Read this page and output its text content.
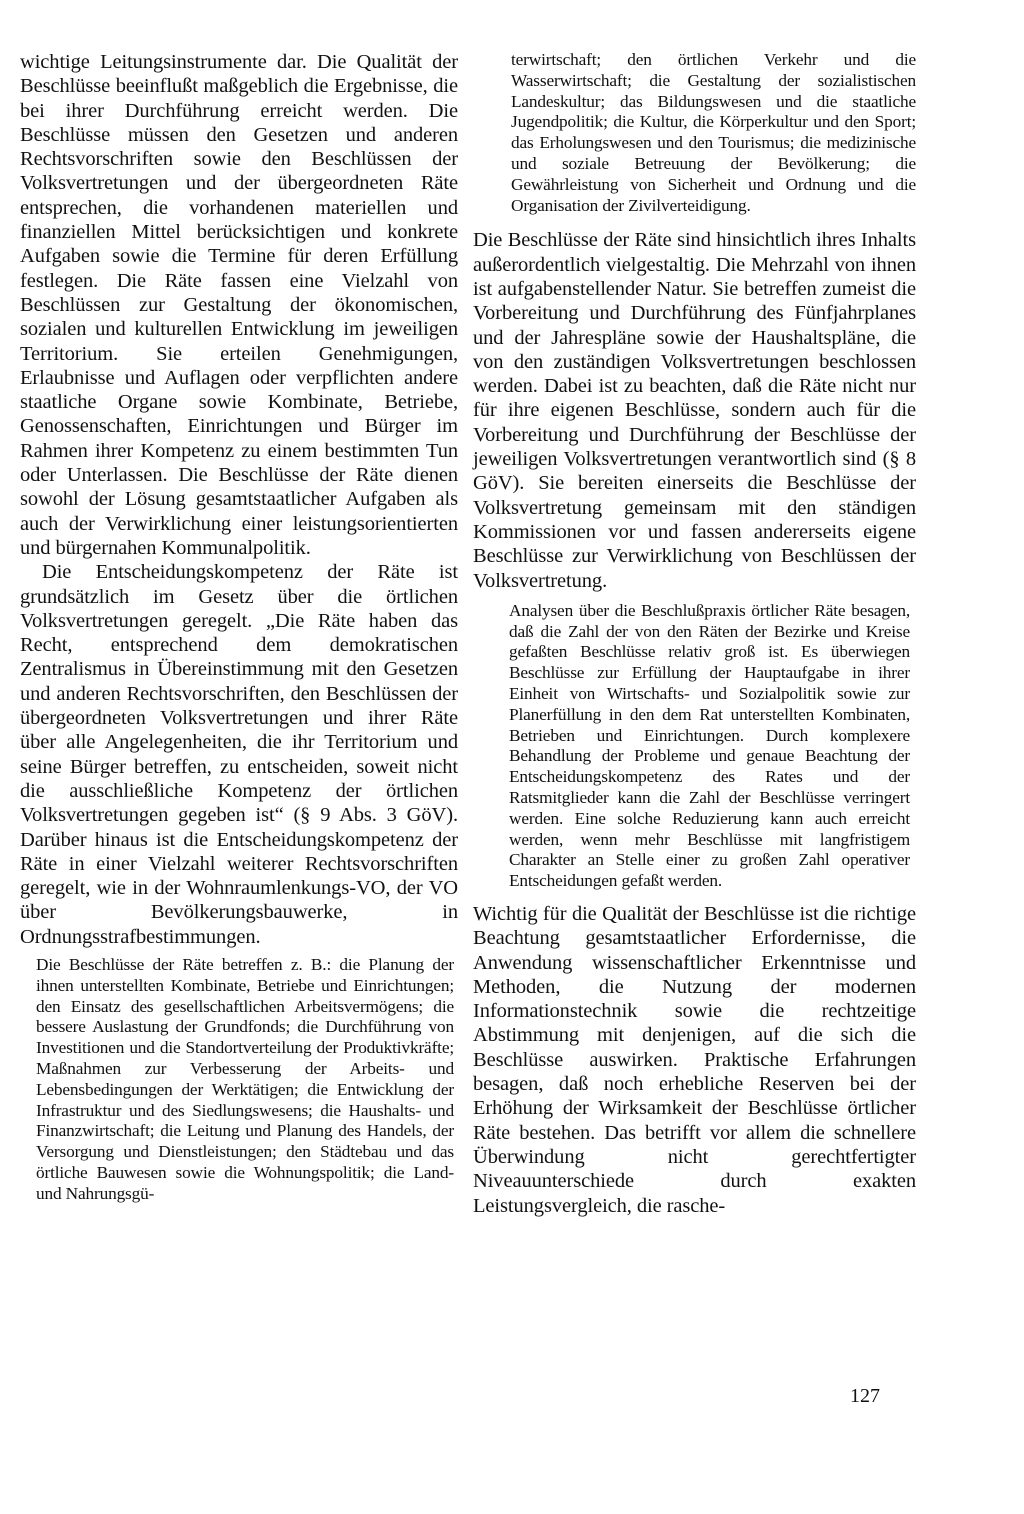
wichtige Leitungsinstrumente dar. Die Qualität der Beschlüsse beeinflußt maßgeblich die Ergebnisse, die bei ihrer Durchführung erreicht werden. Die Beschlüsse müssen den Gesetzen und anderen Rechtsvorschriften sowie den Beschlüssen der Volksvertretungen und der übergeordneten Räte entsprechen, die vorhandenen materiellen und finanziellen Mittel berücksichtigen und konkrete Aufgaben sowie die Termine für deren Erfüllung festlegen. Die Räte fassen eine Vielzahl von Beschlüssen zur Gestaltung der ökonomischen, sozialen und kulturellen Entwicklung im jeweiligen Territorium. Sie erteilen Genehmigungen, Erlaubnisse und Auflagen oder verpflichten andere staatliche Organe sowie Kombinate, Betriebe, Genossenschaften, Einrichtungen und Bürger im Rahmen ihrer Kompetenz zu einem bestimmten Tun oder Unterlassen. Die Beschlüsse der Räte dienen sowohl der Lösung gesamtstaatlicher Aufgaben als auch der Verwirklichung einer leistungsorientierten und bürgernahen Kommunalpolitik.

Die Entscheidungskompetenz der Räte ist grundsätzlich im Gesetz über die örtlichen Volksvertretungen geregelt. „Die Räte haben das Recht, entsprechend dem demokratischen Zentralismus in Übereinstimmung mit den Gesetzen und anderen Rechtsvorschriften, den Beschlüssen der übergeordneten Volksvertretungen und ihrer Räte über alle Angelegenheiten, die ihr Territorium und seine Bürger betreffen, zu entscheiden, soweit nicht die ausschließliche Kompetenz der örtlichen Volksvertretungen gegeben ist“ (§ 9 Abs. 3 GöV). Darüber hinaus ist die Entscheidungskompetenz der Räte in einer Vielzahl weiterer Rechtsvorschriften geregelt, wie in der Wohnraumlenkungs-VO, der VO über Bevölkerungsbauwerke, in Ordnungsstrafbestimmungen.

Die Beschlüsse der Räte betreffen z. B.: die Planung der ihnen unterstellten Kombinate, Betriebe und Einrichtungen; den Einsatz des gesellschaftlichen Arbeitsvermögens; die bessere Auslastung der Grundfonds; die Durchführung von Investitionen und die Standortverteilung der Produktivkräfte; Maßnahmen zur Verbesserung der Arbeits- und Lebensbedingungen der Werktätigen; die Entwicklung der Infrastruktur und des Siedlungswesens; die Haushalts- und Finanzwirtschaft; die Leitung und Planung des Handels, der Versorgung und Dienstleistungen; den Städtebau und das örtliche Bauwesen sowie die Wohnungspolitik; die Land- und Nahrungsgü-

terwirtschaft; den örtlichen Verkehr und die Wasserwirtschaft; die Gestaltung der sozialistischen Landeskultur; das Bildungswesen und die staatliche Jugendpolitik; die Kultur, die Körperkultur und den Sport; das Erholungswesen und den Tourismus; die medizinische und soziale Betreuung der Bevölkerung; die Gewährleistung von Sicherheit und Ordnung und die Organisation der Zivilverteidigung.

Die Beschlüsse der Räte sind hinsichtlich ihres Inhalts außerordentlich vielgestaltig. Die Mehrzahl von ihnen ist aufgabenstellender Natur. Sie betreffen zumeist die Vorbereitung und Durchführung des Fünfjahrplanes und der Jahrespläne sowie der Haushaltspläne, die von den zuständigen Volksvertretungen beschlossen werden. Dabei ist zu beachten, daß die Räte nicht nur für ihre eigenen Beschlüsse, sondern auch für die Vorbereitung und Durchführung der Beschlüsse der jeweiligen Volksvertretungen verantwortlich sind (§ 8 GöV). Sie bereiten einerseits die Beschlüsse der Volksvertretung gemeinsam mit den ständigen Kommissionen vor und fassen andererseits eigene Beschlüsse zur Verwirklichung von Beschlüssen der Volksvertretung.

Analysen über die Beschlußpraxis örtlicher Räte besagen, daß die Zahl der von den Räten der Bezirke und Kreise gefaßten Beschlüsse relativ groß ist. Es überwiegen Beschlüsse zur Erfüllung der Hauptaufgabe in ihrer Einheit von Wirtschafts- und Sozialpolitik sowie zur Planerfüllung in den dem Rat unterstellten Kombinaten, Betrieben und Einrichtungen. Durch komplexere Behandlung der Probleme und genaue Beachtung der Entscheidungskompetenz des Rates und der Ratsmitglieder kann die Zahl der Beschlüsse verringert werden. Eine solche Reduzierung kann auch erreicht werden, wenn mehr Beschlüsse mit langfristigem Charakter an Stelle einer zu großen Zahl operativer Entscheidungen gefaßt werden.

Wichtig für die Qualität der Beschlüsse ist die richtige Beachtung gesamtstaatlicher Erfordernisse, die Anwendung wissenschaftlicher Erkenntnisse und Methoden, die Nutzung der modernen Informationstechnik sowie die rechtzeitige Abstimmung mit denjenigen, auf die sich die Beschlüsse auswirken. Praktische Erfahrungen besagen, daß noch erhebliche Reserven bei der Erhöhung der Wirksamkeit der Beschlüsse örtlicher Räte bestehen. Das betrifft vor allem die schnellere Überwindung nicht gerechtfertigter Niveauunterschiede durch exakten Leistungsvergleich, die rasche-

127
